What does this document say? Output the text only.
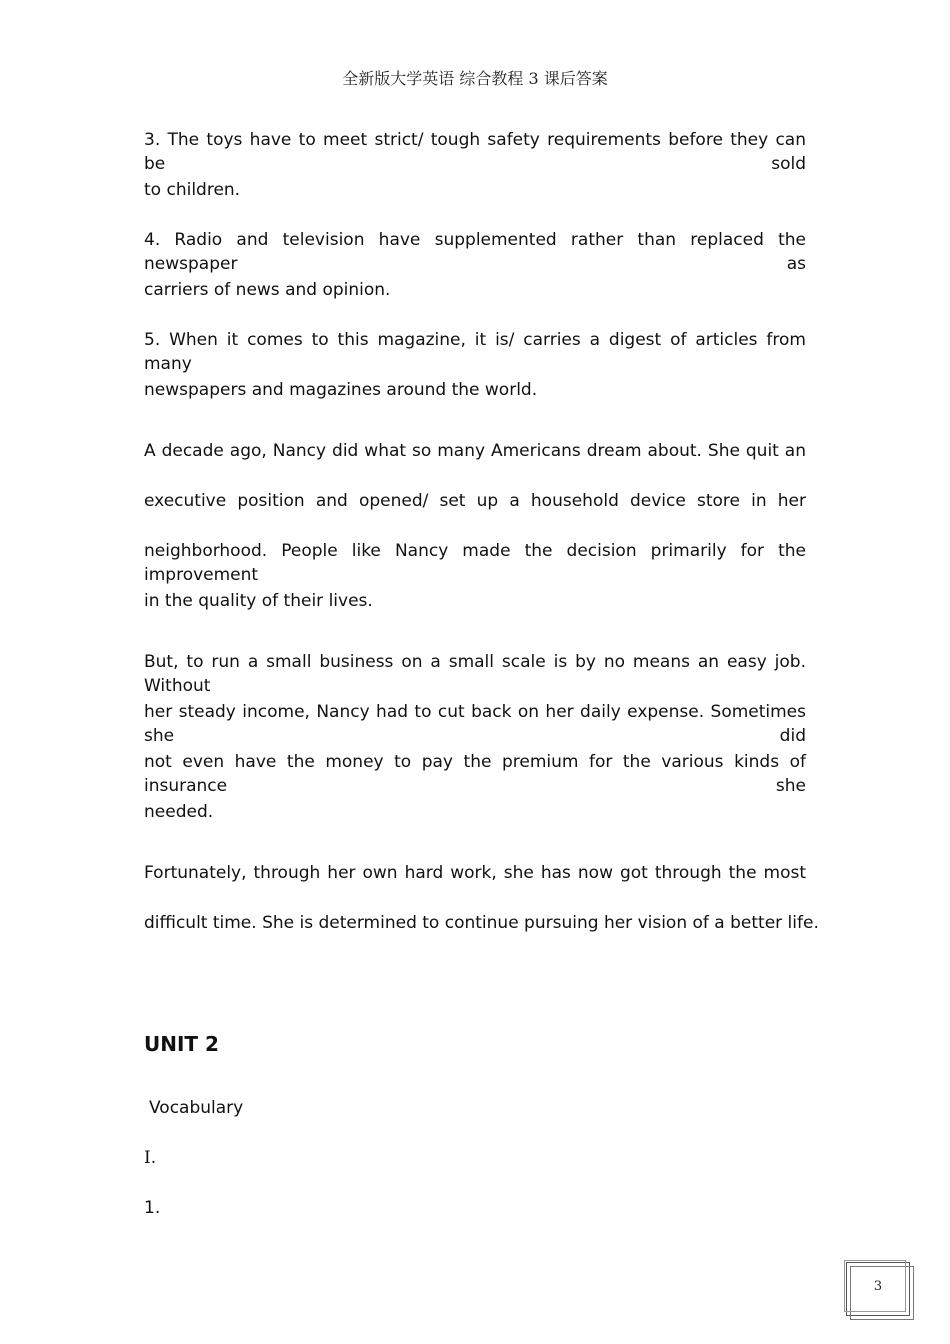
全新版大学英语 综合教程 3 课后答案
3. The toys have to meet strict/ tough safety requirements before they can be sold
to children.
4. Radio and television have supplemented rather than replaced the newspaper as
carriers of news and opinion.
5. When it comes to this magazine, it is/ carries a digest of articles from many
newspapers and magazines around the world.
A decade ago, Nancy did what so many Americans dream about. She quit an
executive position and opened/ set up a household device store in her
neighborhood. People like Nancy made the decision primarily for the improvement
in the quality of their lives.
But, to run a small business on a small scale is by no means an easy job. Without
her steady income, Nancy had to cut back on her daily expense. Sometimes she did
not even have the money to pay the premium for the various kinds of insurance she
needed.
Fortunately, through her own hard work, she has now got through the most
difficult time. She is determined to continue pursuing her vision of a better life.
UNIT 2
Vocabulary
I.
1.
3
